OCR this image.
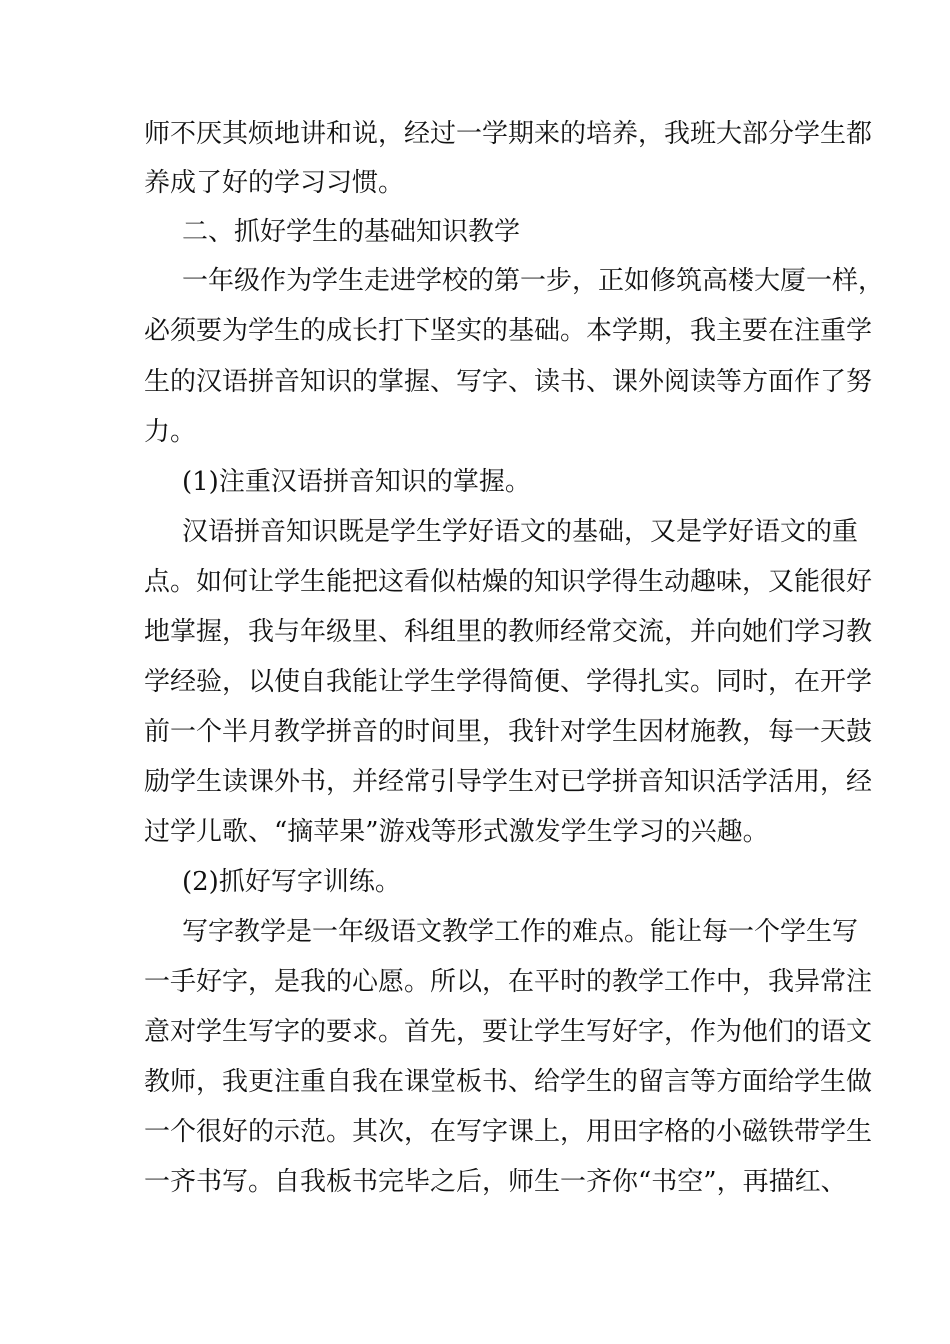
师不厌其烦地讲和说，经过一学期来的培养，我班大部分学生都
养成了好的学习习惯。
二、抓好学生的基础知识教学
一年级作为学生走进学校的第一步，正如修筑高楼大厦一样，
必须要为学生的成长打下坚实的基础。本学期，我主要在注重学
生的汉语拼音知识的掌握、写字、读书、课外阅读等方面作了努
力。
(1)注重汉语拼音知识的掌握。
汉语拼音知识既是学生学好语文的基础，又是学好语文的重
点。如何让学生能把这看似枯燥的知识学得生动趣味，又能很好
地掌握，我与年级里、科组里的教师经常交流，并向她们学习教
学经验，以使自我能让学生学得简便、学得扎实。同时，在开学
前一个半月教学拼音的时间里，我针对学生因材施教，每一天鼓
励学生读课外书，并经常引导学生对已学拼音知识活学活用，经
过学儿歌、“摘苹果”游戏等形式激发学生学习的兴趣。
(2)抓好写字训练。
写字教学是一年级语文教学工作的难点。能让每一个学生写
一手好字，是我的心愿。所以，在平时的教学工作中，我异常注
意对学生写字的要求。首先，要让学生写好字，作为他们的语文
教师，我更注重自我在课堂板书、给学生的留言等方面给学生做
一个很好的示范。其次，在写字课上，用田字格的小磁铁带学生
一齐书写。自我板书完毕之后，师生一齐你“书空”，再描红、
